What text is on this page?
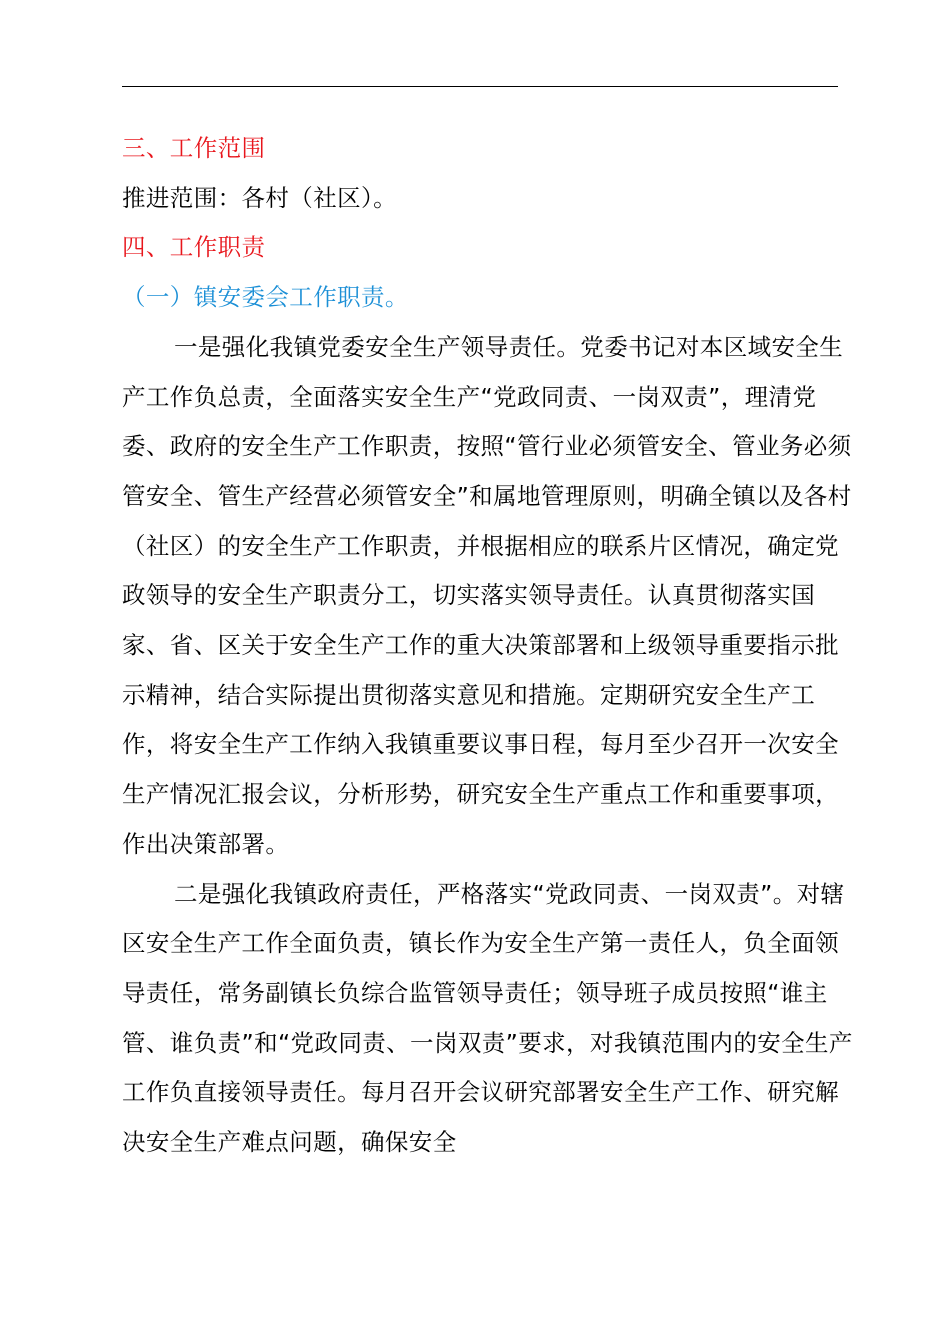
三、工作范围

推进范围：各村（社区）。

四、工作职责

（一）镇安委会工作职责。

一是强化我镇党委安全生产领导责任。党委书记对本区域安全生产工作负总责，全面落实安全生产“党政同责、一岗双责”，理清党委、政府的安全生产工作职责，按照“管行业必须管安全、管业务必须管安全、管生产经营必须管安全”和属地管理原则，明确全镇以及各村（社区）的安全生产工作职责，并根据相应的联系片区情况，确定党政领导的安全生产职责分工，切实落实领导责任。认真贯彻落实国家、省、区关于安全生产工作的重大决策部署和上级领导重要指示批示精神，结合实际提出贯彻落实意见和措施。定期研究安全生产工作，将安全生产工作纳入我镇重要议事日程，每月至少召开一次安全生产情况汇报会议，分析形势，研究安全生产重点工作和重要事项，作出决策部署。

二是强化我镇政府责任，严格落实“党政同责、一岗双责”。对辖区安全生产工作全面负责，镇长作为安全生产第一责任人，负全面领导责任，常务副镇长负综合监管领导责任；领导班子成员按照“谁主管、谁负责”和“党政同责、一岗双责”要求，对我镇范围内的安全生产工作负直接领导责任。每月召开会议研究部署安全生产工作、研究解决安全生产难点问题，确保安全
